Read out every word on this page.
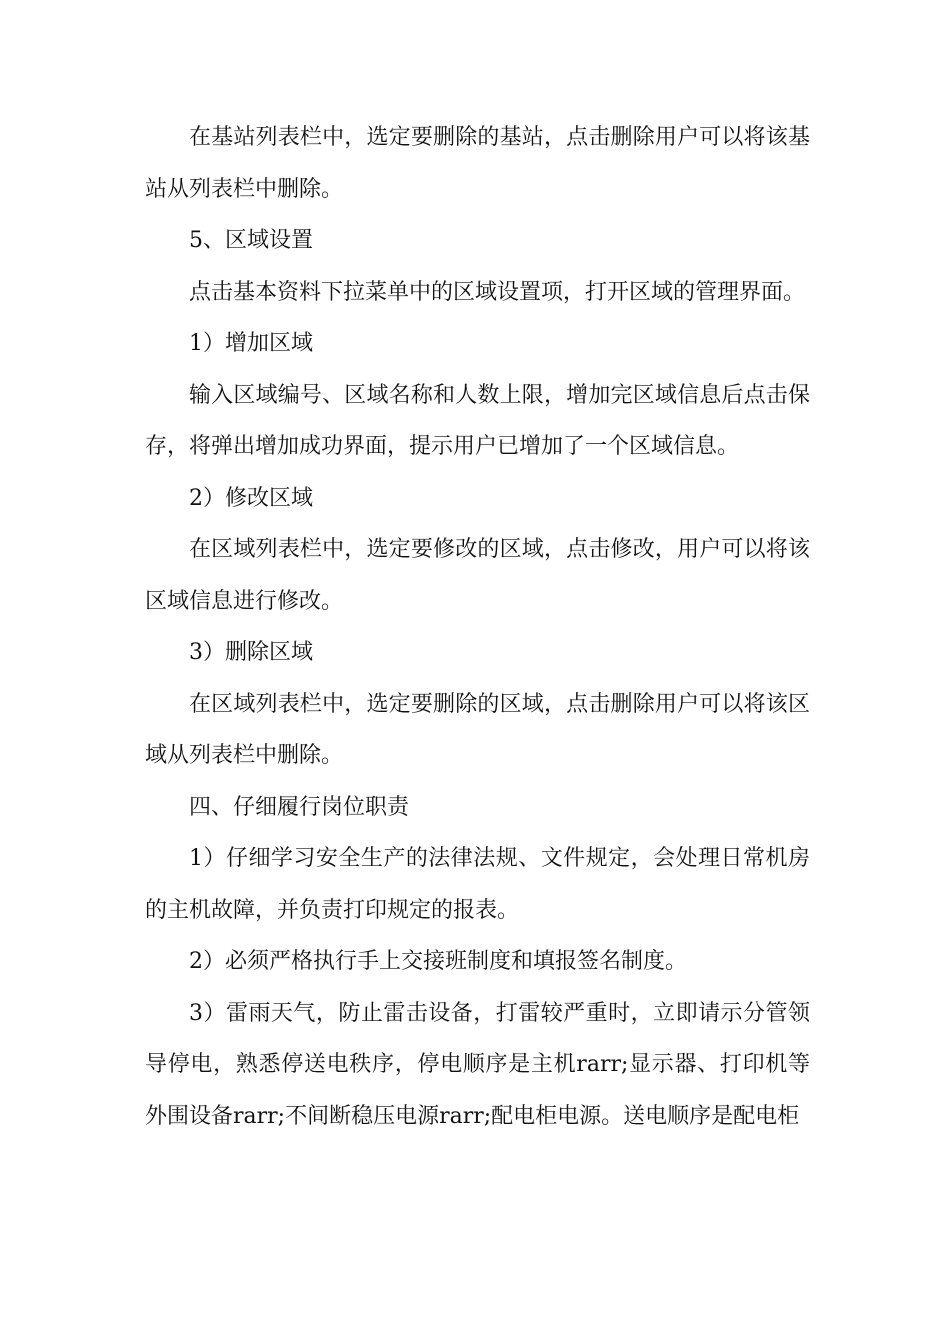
在基站列表栏中，选定要删除的基站，点击删除用户可以将该基站从列表栏中删除。

5、区域设置

点击基本资料下拉菜单中的区域设置项，打开区域的管理界面。

1）增加区域

输入区域编号、区域名称和人数上限，增加完区域信息后点击保存，将弹出增加成功界面，提示用户已增加了一个区域信息。

2）修改区域

在区域列表栏中，选定要修改的区域，点击修改，用户可以将该区域信息进行修改。

3）删除区域

在区域列表栏中，选定要删除的区域，点击删除用户可以将该区域从列表栏中删除。

四、仔细履行岗位职责

1）仔细学习安全生产的法律法规、文件规定，会处理日常机房的主机故障，并负责打印规定的报表。

2）必须严格执行手上交接班制度和填报签名制度。

3）雷雨天气，防止雷击设备，打雷较严重时，立即请示分管领导停电，熟悉停送电秩序，停电顺序是主机rarr;显示器、打印机等外围设备rarr;不间断稳压电源rarr;配电柜电源。送电顺序是配电柜
